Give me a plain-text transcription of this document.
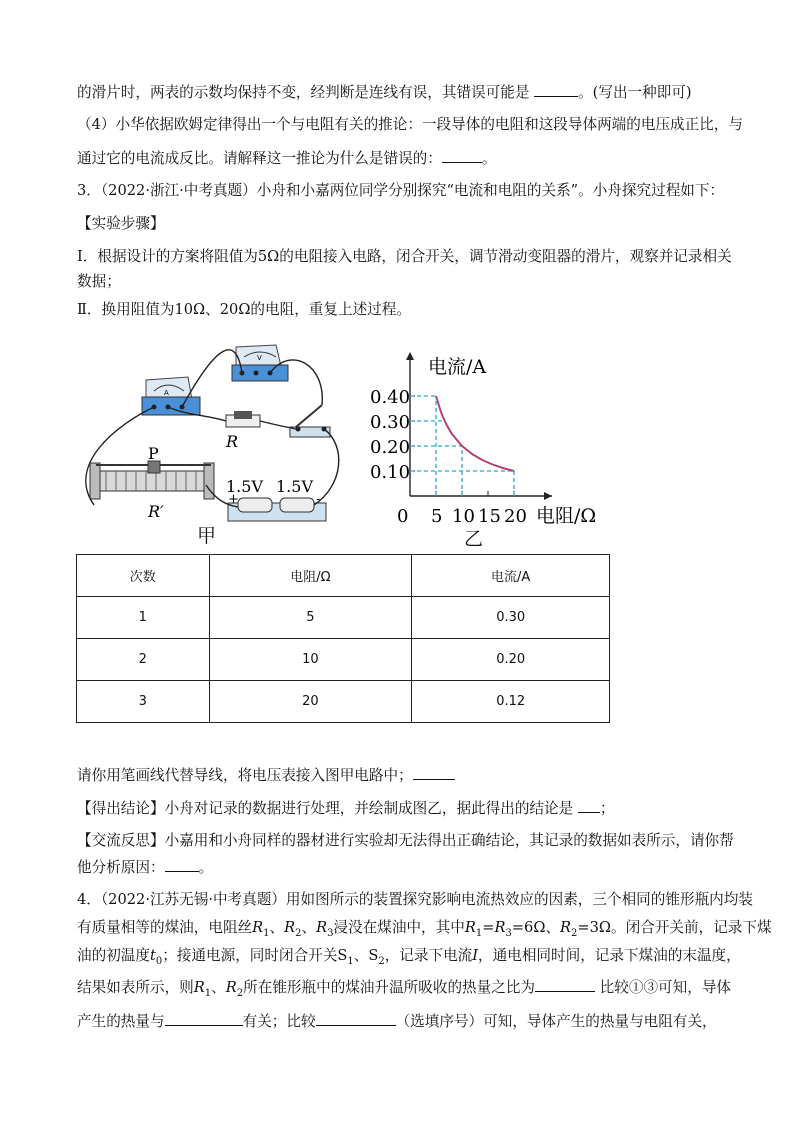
的滑片时，两表的示数均保持不变，经判断是连线有误，其错误可能是	。(写出一种即可)
（4）小华依据欧姆定律得出一个与电阻有关的推论：一段导体的电阻和这段导体两端的电压成正比，与
通过它的电流成反比。请解释这一推论为什么是错误的：	。
3．（2022·浙江·中考真题）小舟和小嘉两位同学分别探究“电流和电阻的关系”。小舟探究过程如下：
【实验步骤】
Ⅰ．根据设计的方案将阻值为5Ω的电阻接入电路，闭合开关，调节滑动变阻器的滑片，观察并记录相关
数据；
Ⅱ．换用阻值为10Ω、20Ω的电阻，重复上述过程。
V
A
R
P
R′
1.5V 1.5V
+	-
甲
电流/A
电阻/Ω
0.10
0.20
0.30
0.40
0 5 10 15 20
乙
次数	电阻/Ω	电流/A
1	5	0.30
2	10	0.20
3	20	0.12
请你用笔画线代替导线，将电压表接入图甲电路中；
【得出结论】小舟对记录的数据进行处理，并绘制成图乙，据此得出的结论是 ；
【交流反思】小嘉用和小舟同样的器材进行实验却无法得出正确结论，其记录的数据如表所示，请你帮
他分析原因： 。
4．（2022·江苏无锡·中考真题）用如图所示的装置探究影响电流热效应的因素，三个相同的锥形瓶内均装
有质量相等的煤油，电阻丝$R_1$、$R_2$、$R_3$浸没在煤油中，其中$R_1=R_3=6\Omega$、$R_2=3\Omega$。闭合开关前，记录下煤
油的初温度$t_0$；接通电源，同时闭合开关$S_1$、$S_2$，记录下电流I，通电相同时间，记录下煤油的末温度，
结果如表所示，则$R_1$、$R_2$所在锥形瓶中的煤油升温所吸收的热量之比为	比较①③可知，导体
产生的热量与	有关；比较	（选填序号）可知，导体产生的热量与电阻有关，
